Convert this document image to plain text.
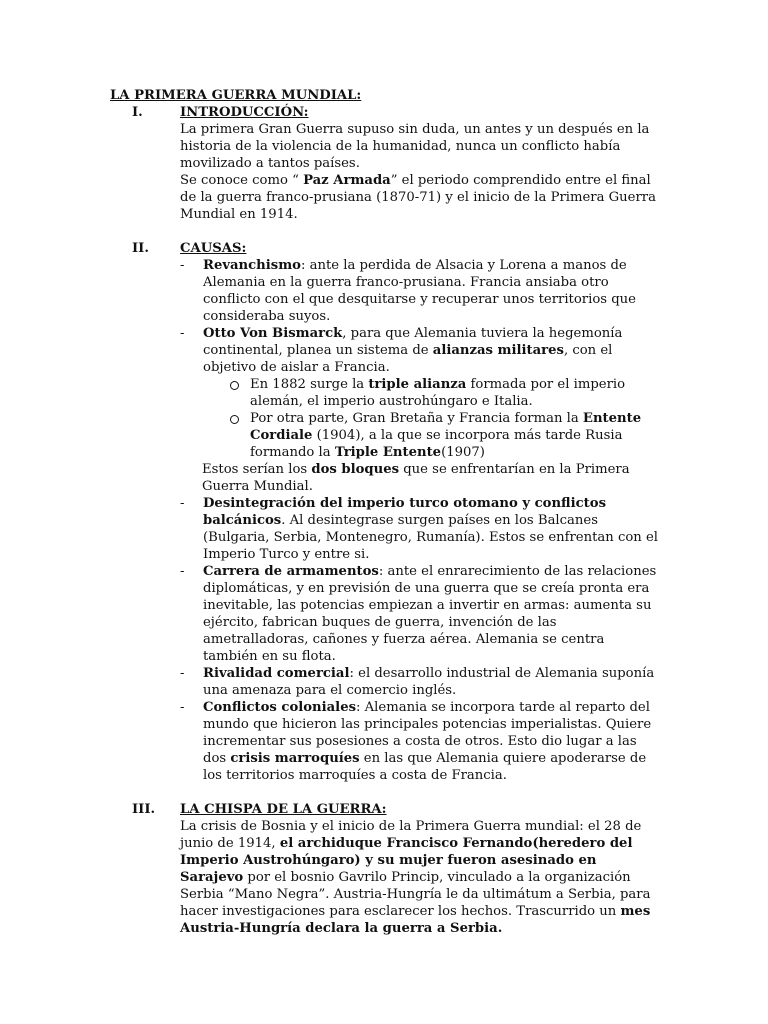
LA PRIMERA GUERRA MUNDIAL:
I.	INTRODUCCIÓN:
La primera Gran Guerra supuso sin duda, un antes y un después en la historia de la violencia de la humanidad, nunca un conflicto había movilizado a tantos países.
Se conoce como “ Paz Armada” el periodo comprendido entre el final de la guerra franco-prusiana (1870-71) y el inicio de la Primera Guerra Mundial en 1914.
II. CAUSAS:
- Revanchismo: ante la perdida de Alsacia y Lorena a manos de Alemania en la guerra franco-prusiana. Francia ansiaba otro conflicto con el que desquitarse y recuperar unos territorios que consideraba suyos.
- Otto Von Bismarck, para que Alemania tuviera la hegemonía continental, planea un sistema de alianzas militares, con el objetivo de aislar a Francia.
En 1882 surge la triple alianza formada por el imperio alemán, el imperio austrohúngaro e Italia.
Por otra parte, Gran Bretaña y Francia forman la Entente Cordiale (1904), a la que se incorpora más tarde Rusia formando la Triple Entente(1907)
Estos serían los dos bloques que se enfrentarían en la Primera Guerra Mundial.
- Desintegración del imperio turco otomano y conflictos balcánicos. Al desintegrase surgen países en los Balcanes (Bulgaria, Serbia, Montenegro, Rumanía). Estos se enfrentan con el Imperio Turco y entre si.
- Carrera de armamentos: ante el enrarecimiento de las relaciones diplomáticas, y en previsión de una guerra que se creía pronta era inevitable, las potencias empiezan a invertir en armas: aumenta su ejército, fabrican buques de guerra, invención de las ametralladoras, cañones y fuerza aérea. Alemania se centra también en su flota.
- Rivalidad comercial: el desarrollo industrial de Alemania suponía una amenaza para el comercio inglés.
- Conflictos coloniales: Alemania se incorpora tarde al reparto del mundo que hicieron las principales potencias imperialistas. Quiere incrementar sus posesiones a costa de otros. Esto dio lugar a las dos crisis marroquíes en las que Alemania quiere apoderarse de los territorios marroquíes a costa de Francia.
III. LA CHISPA DE LA GUERRA:
La crisis de Bosnia y el inicio de la Primera Guerra mundial: el 28 de junio de 1914, el archiduque Francisco Fernando(heredero del Imperio Austrohúngaro) y su mujer fueron asesinado en Sarajevo por el bosnio Gavrilo Princip, vinculado a la organización Serbia “Mano Negra”. Austria-Hungría le da ultimátum a Serbia, para hacer investigaciones para esclarecer los hechos. Trascurrido un mes Austria-Hungría declara la guerra a Serbia.
